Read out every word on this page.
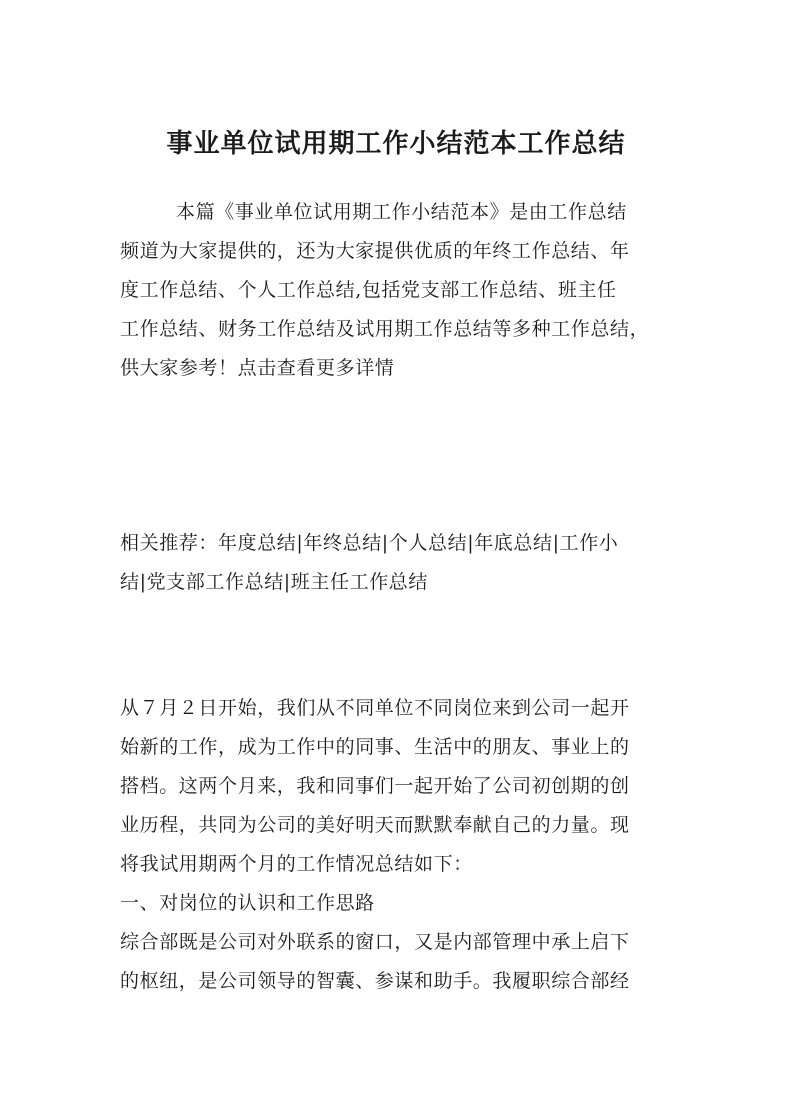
事业单位试用期工作小结范本工作总结
本篇《事业单位试用期工作小结范本》是由工作总结
频道为大家提供的，还为大家提供优质的年终工作总结、年
度工作总结、个人工作总结,包括党支部工作总结、班主任
工作总结、财务工作总结及试用期工作总结等多种工作总结，
供大家参考！点击查看更多详情
相关推荐：年度总结|年终总结|个人总结|年底总结|工作小
结|党支部工作总结|班主任工作总结
从７月２日开始，我们从不同单位不同岗位来到公司一起开
始新的工作，成为工作中的同事、生活中的朋友、事业上的
搭档。这两个月来，我和同事们一起开始了公司初创期的创
业历程，共同为公司的美好明天而默默奉献自己的力量。现
将我试用期两个月的工作情况总结如下：
一、对岗位的认识和工作思路
综合部既是公司对外联系的窗口，又是内部管理中承上启下
的枢纽，是公司领导的智囊、参谋和助手。我履职综合部经
